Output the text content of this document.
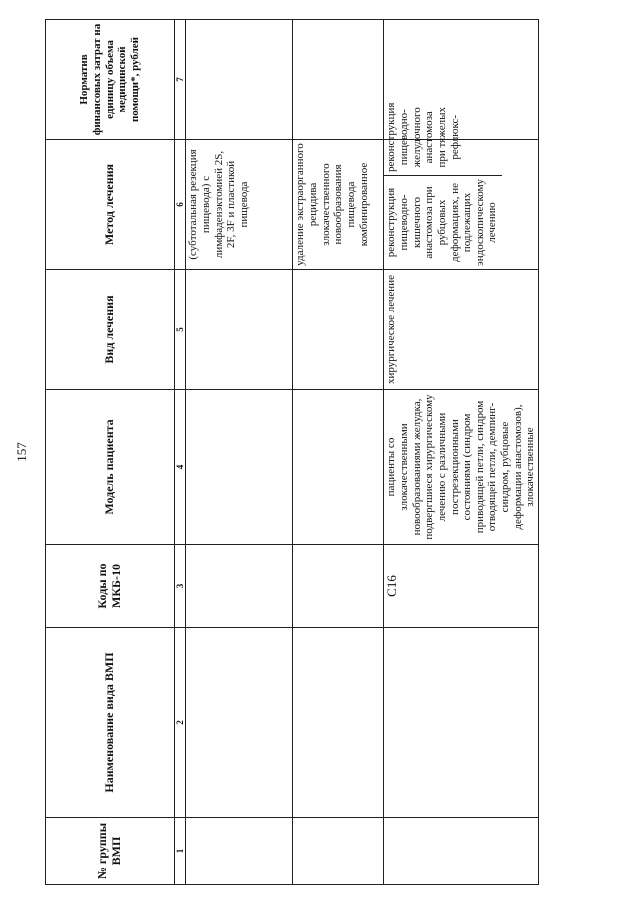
157
№ группы ВМП	Наименование вида ВМП	Коды по МКБ-10	Модель пациента	Вид лечения	Метод лечения	Норматив финансовых затрат на единицу объема медицинской помощи*, рублей
1	2	3	4	5	6	7
					(субтотальная резекция пищевода) с лимфаденэктомией 2S, 2F, 3F и пластикой пищевода	
					удаление экстраорганного рецидива злокачественного новообразования пищевода комбинированное	
		C16	пациенты со злокачественными новообразованиями желудка, подвергшиеся хирургическому лечению с различными пострезекционными состояниями (синдром приводящей петли, синдром отводящей петли, демпинг-синдром, рубцовые деформации анастомозов), злокачественные	хирургическое лечение	реконструкция пищеводно-кишечного анастомоза при рубцовых деформациях, не подлежащих эндоскопическому лечению
реконструкция пищеводно-желудочного анастомоза при тяжелых рефлюкс-	
